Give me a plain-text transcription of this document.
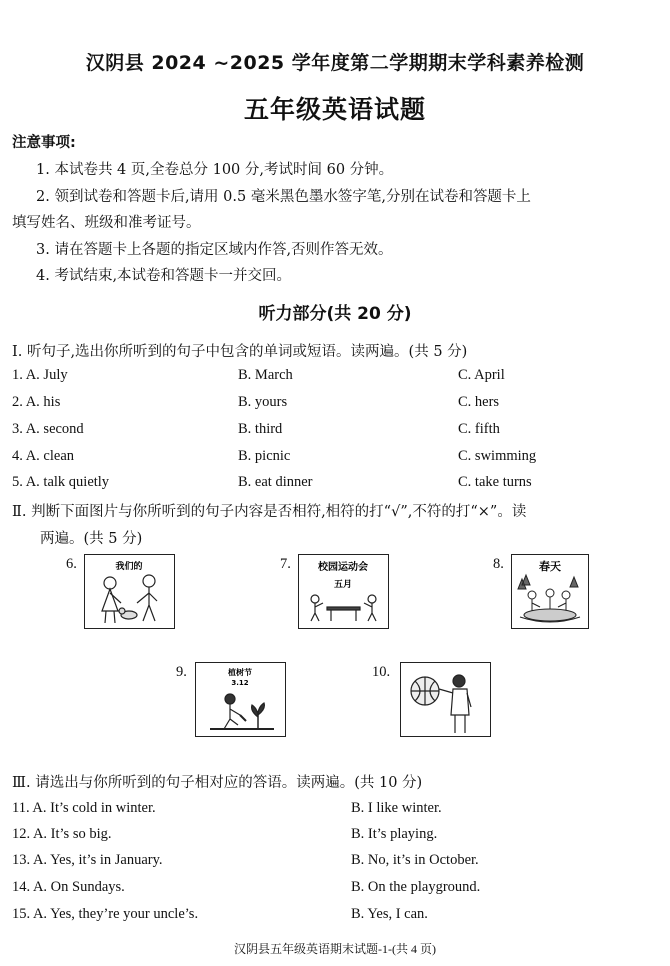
汉阴县 2024 ~2025 学年度第二学期期末学科素养检测
五年级英语试题
注意事项:
1. 本试卷共 4 页,全卷总分 100 分,考试时间 60 分钟。
2. 领到试卷和答题卡后,请用 0.5 毫米黑色墨水签字笔,分别在试卷和答题卡上
填写姓名、班级和准考证号。
3. 请在答题卡上各题的指定区域内作答,否则作答无效。
4. 考试结束,本试卷和答题卡一并交回。
听力部分(共 20 分)
Ⅰ. 听句子,选出你所听到的句子中包含的单词或短语。读两遍。(共 5 分)
1. A. July	B. March	C. April
2. A. his	B. yours	C. hers
3. A. second	B. third	C. fifth
4. A. clean	B. picnic	C. swimming
5. A. talk quietly	B. eat dinner	C. take turns
Ⅱ. 判断下面图片与你所听到的句子内容是否相符,相符的打“√”,不符的打“×”。读
两遍。(共 5 分)
6.	我们的	7.	校园运动会
五月
8.	春天
9.	植树节
3.12
10.
Ⅲ. 请选出与你所听到的句子相对应的答语。读两遍。(共 10 分)
11. A. It’s cold in winter.	B. I like winter.
12. A. It’s so big.	B. It’s playing.
13. A. Yes, it’s in January.	B. No, it’s in October.
14. A. On Sundays.	B. On the playground.
15. A. Yes, they’re your uncle’s.	B. Yes, I can.
汉阴县五年级英语期末试题-1-(共 4 页)
